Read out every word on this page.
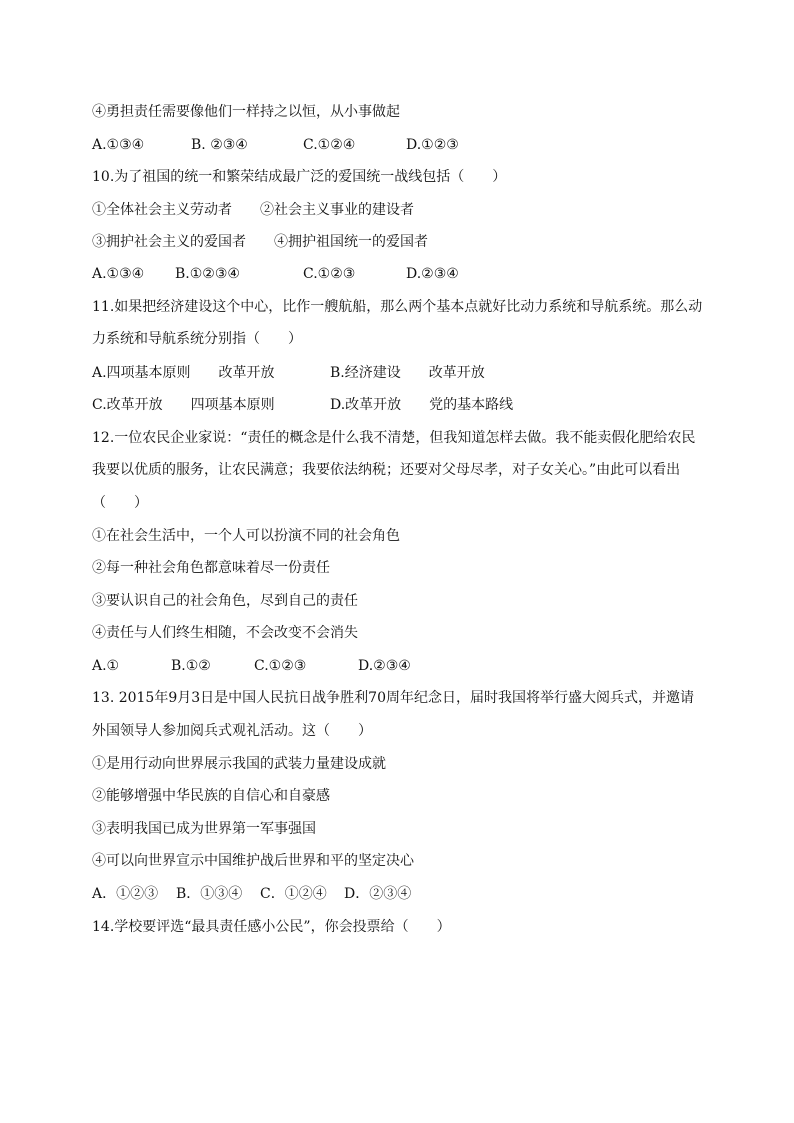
④勇担责任需要像他们一样持之以恒，从小事做起

A.①③④

	B. ②③④

	C.①②④

	D.①②③

10.为了祖国的统一和繁荣结成最广泛的爱国统一战线包括（　　）
①全体社会主义劳动者　　②社会主义事业的建设者
③拥护社会主义的爱国者　　④拥护祖国统一的爱国者

A.①③④

B.①②③④

	C.①②③

	D.②③④

11.如果把经济建设这个中心，比作一艘航船，那么两个基本点就好比动力系统和导航系统。那么动
力系统和导航系统分别指（　　）

A.四项基本原则　　改革开放

	B.经济建设　　改革开放

C.改革开放　　四项基本原则

	D.改革开放　　党的基本路线

12.一位农民企业家说：“责任的概念是什么我不清楚，但我知道怎样去做。我不能卖假化肥给农民
我要以优质的服务，让农民满意；我要依法纳税；还要对父母尽孝，对子女关心。”由此可以看出
（　　）
①在社会生活中，一个人可以扮演不同的社会角色
②每一种社会角色都意味着尽一份责任
③要认识自己的社会角色，尽到自己的责任
④责任与人们终生相随，不会改变不会消失

A.①

	B.①②

	C.①②③

	D.②③④

13. 2015年9月3日是中国人民抗日战争胜利70周年纪念日，届时我国将举行盛大阅兵式，并邀请
外国领导人参加阅兵式观礼活动。这（　　）
①是用行动向世界展示我国的武装力量建设成就
②能够增强中华民族的自信心和自豪感
③表明我国已成为世界第一军事强国
④可以向世界宣示中国维护战后世界和平的坚定决心

A．①②③

B．①③④

C．①②④

D．②③④

14.学校要评选“最具责任感小公民”，你会投票给（　　）
